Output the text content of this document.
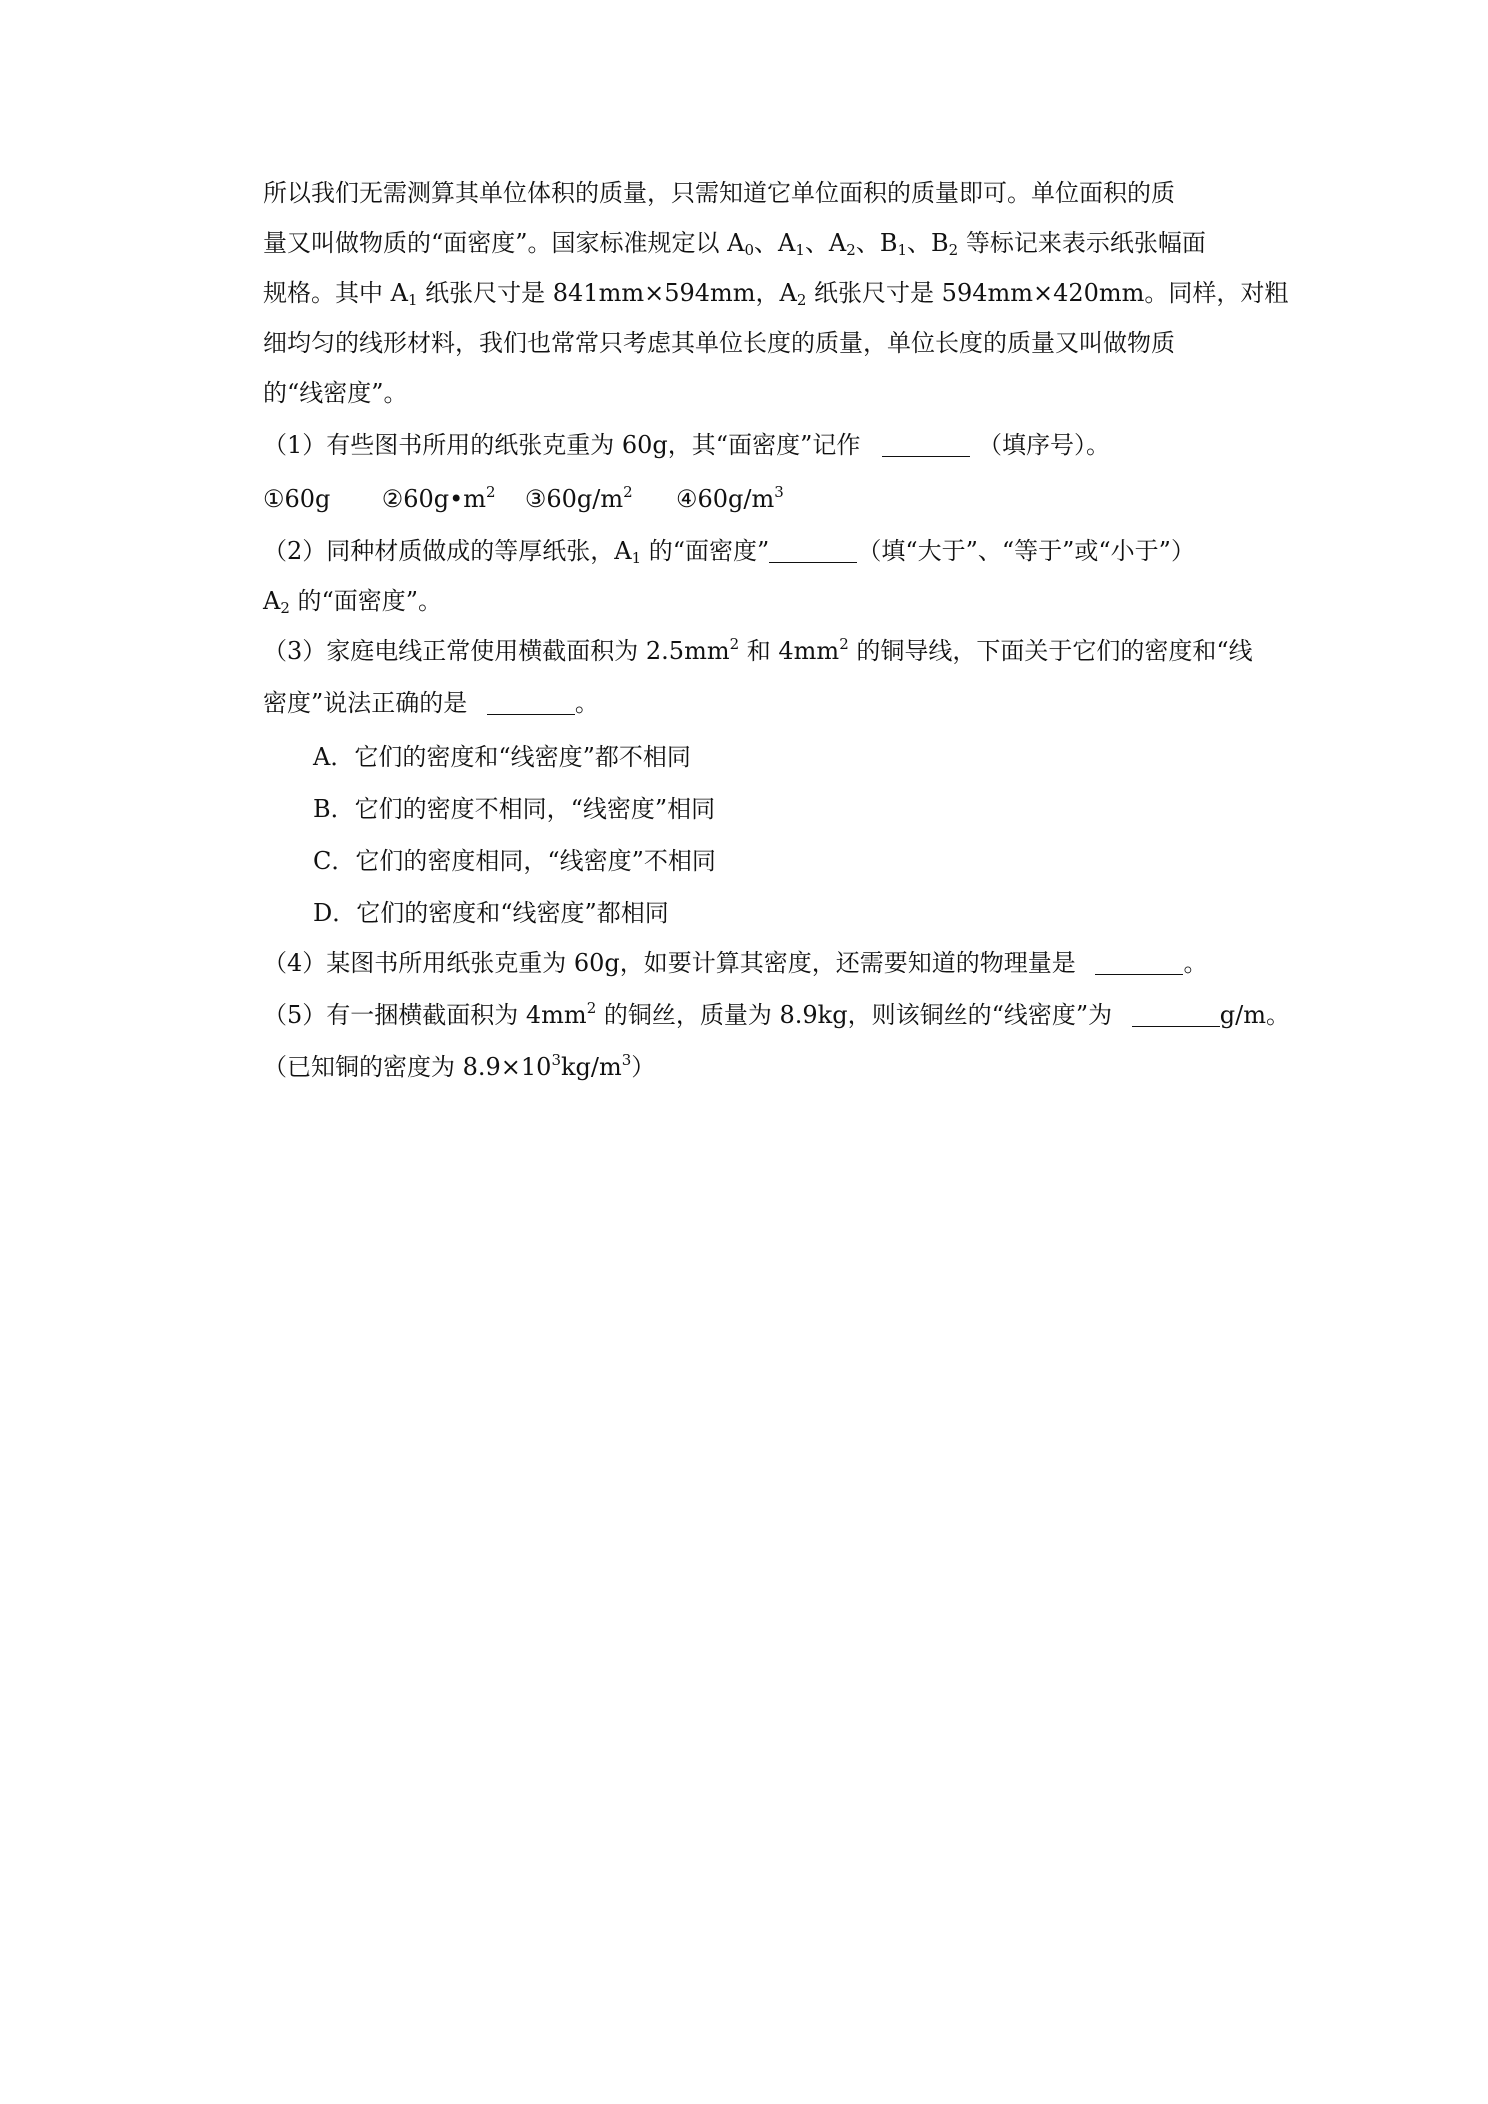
所以我们无需测算其单位体积的质量，只需知道它单位面积的质量即可。单位面积的质
量又叫做物质的“面密度”。国家标准规定以 $A_0$、$A_1$、$A_2$、$B_1$、$B_2$ 等标记来表示纸张幅面
规格。其中 $A_1$ 纸张尺寸是 841mm×594mm，$A_2$ 纸张尺寸是 594mm×420mm。同样，对粗
细均匀的线形材料，我们也常常只考虑其单位长度的质量，单位长度的质量又叫做物质
的“线密度”。
（1）有些图书所用的纸张克重为 60g，其“面密度”记作	（填序号）。
①60g $②60g•m^2$ $③60g/m^2$ $④60g/m^3$
（2）同种材质做成的等厚纸张，$A_1$ 的“面密度”	（填“大于”、“等于”或“小于”）
$A_2$ 的“面密度”。
（3）家庭电线正常使用横截面积为 $2.5mm^2$ 和 $4mm^2$ 的铜导线，下面关于它们的密度和“线
密度”说法正确的是	。
A．它们的密度和“线密度”都不相同
B．它们的密度不相同，“线密度”相同
C．它们的密度相同，“线密度”不相同
D．它们的密度和“线密度”都相同
（4）某图书所用纸张克重为 60g，如要计算其密度，还需要知道的物理量是	。
（5）有一捆横截面积为 $4mm^2$ 的铜丝，质量为 8.9kg，则该铜丝的“线密度”为	g/m。
（已知铜的密度为 $8.9\times 10^3kg/m^3$）
